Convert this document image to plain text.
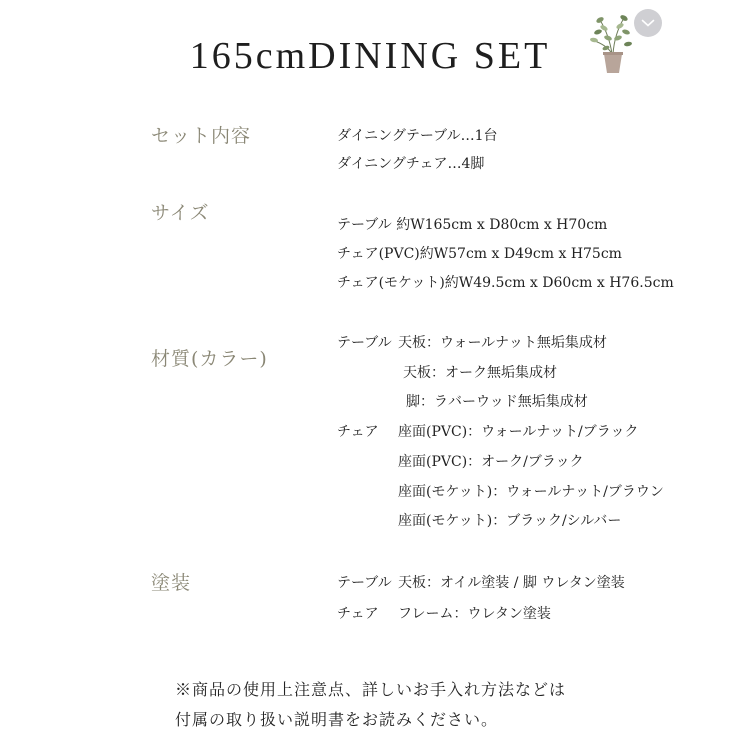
165cmDINING SET
セット内容	ダイニングテーブル…1台
ダイニングチェア…4脚
サイズ
テーブル 約W165cm x D80cm x H70cm
チェア(PVC)約W57cm x D49cm x H75cm
チェア(モケット)約W49.5cm x D60cm x H76.5cm
材質(カラー)
テーブル 天板：ウォールナット無垢集成材
天板：オーク無垢集成材
脚：ラバーウッド無垢集成材
チェア 座面(PVC)：ウォールナット/ブラック
座面(PVC)：オーク/ブラック
座面(モケット)：ウォールナット/ブラウン
座面(モケット)：ブラック/シルバー
塗装	テーブル 天板：オイル塗装 / 脚 ウレタン塗装
チェア フレーム：ウレタン塗装
※商品の使用上注意点、詳しいお手入れ方法などは
付属の取り扱い説明書をお読みください。
